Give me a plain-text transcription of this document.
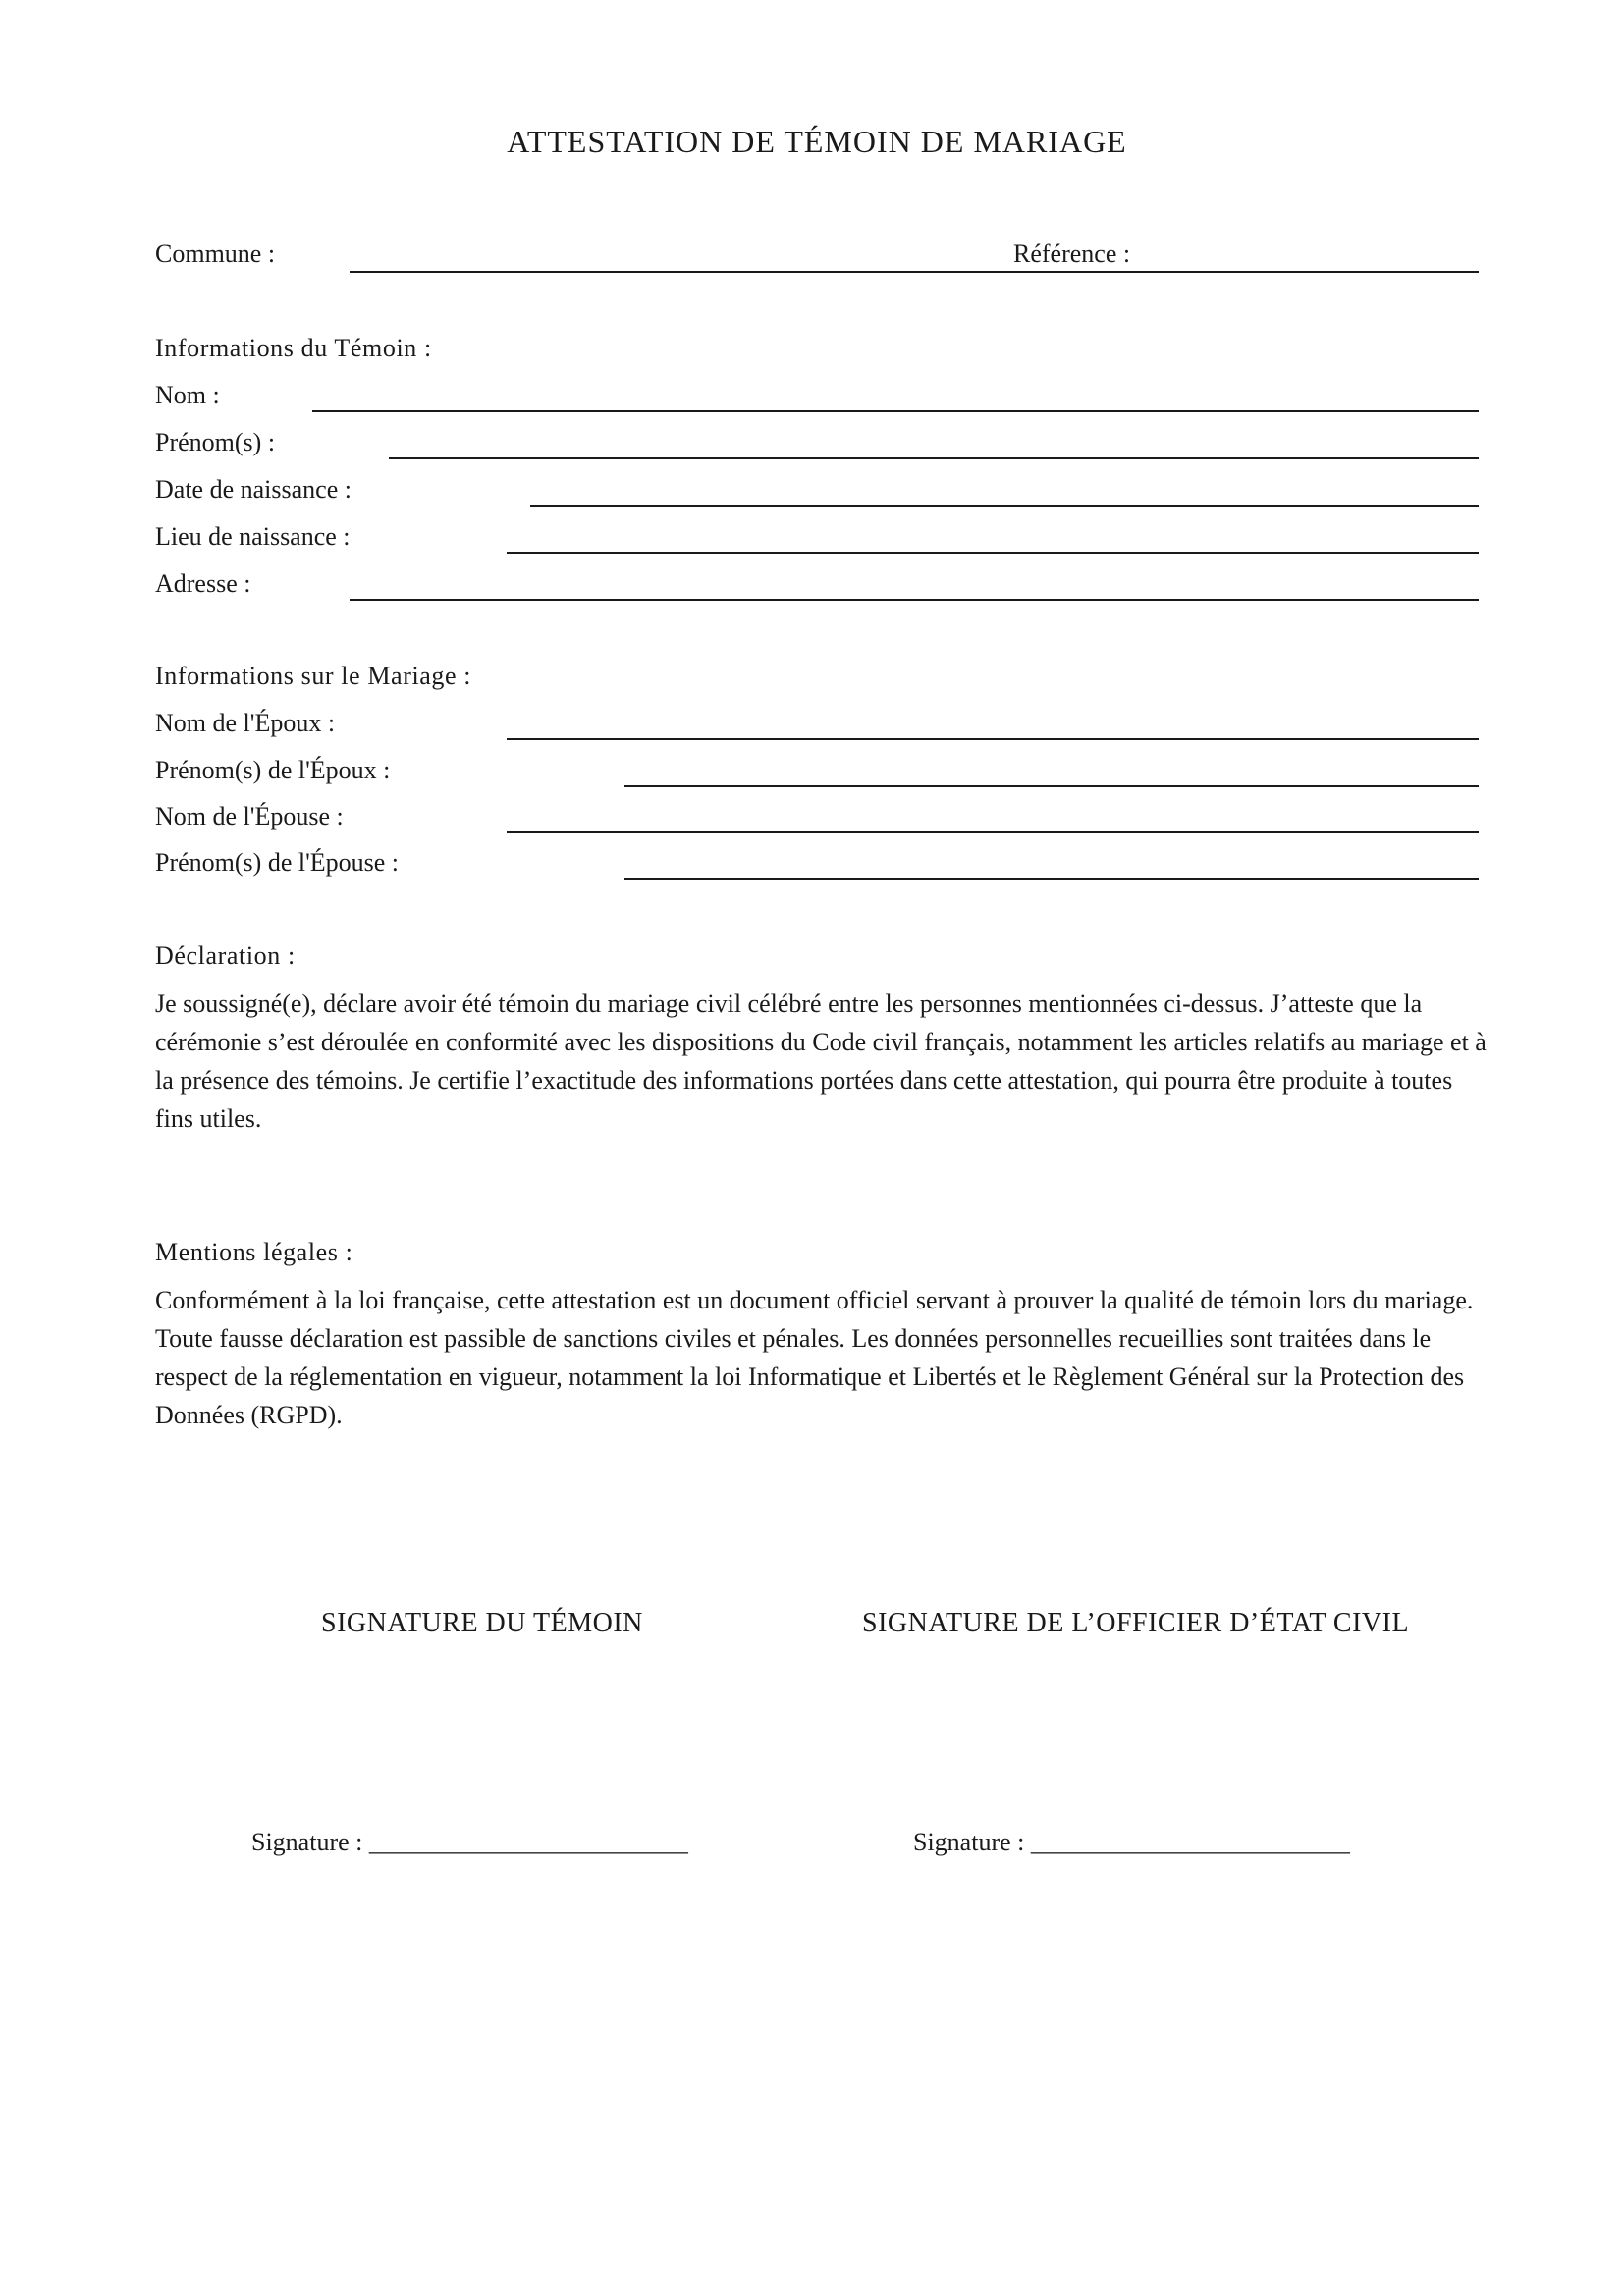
ATTESTATION DE TÉMOIN DE MARIAGE
Commune :	Référence :
Informations du Témoin :
Nom :
Prénom(s) :
Date de naissance :
Lieu de naissance :
Adresse :
Informations sur le Mariage :
Nom de l'Époux :
Prénom(s) de l'Époux :
Nom de l'Épouse :
Prénom(s) de l'Épouse :
Déclaration :
Je soussigné(e), déclare avoir été témoin du mariage civil célébré entre les personnes mentionnées ci-dessus. J’atteste que la cérémonie s’est déroulée en conformité avec les dispositions du Code civil français, notamment les articles relatifs au mariage et à la présence des témoins. Je certifie l’exactitude des informations portées dans cette attestation, qui pourra être produite à toutes fins utiles.
Mentions légales :
Conformément à la loi française, cette attestation est un document officiel servant à prouver la qualité de témoin lors du mariage. Toute fausse déclaration est passible de sanctions civiles et pénales. Les données personnelles recueillies sont traitées dans le respect de la réglementation en vigueur, notamment la loi Informatique et Libertés et le Règlement Général sur la Protection des Données (RGPD).
SIGNATURE DU TÉMOIN	SIGNATURE DE L’OFFICIER D’ÉTAT CIVIL
Signature : _________________________	Signature : _________________________
